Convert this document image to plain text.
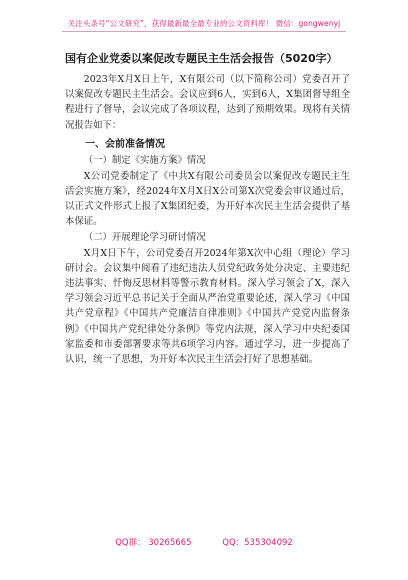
关注头条号“公文研究”，获得最新最全最专业的公文资料库！ 微信：gongwenyj
国有企业党委以案促改专题民主生活会报告（5020字）

2023年X月X日上午，X有限公司（以下简称公司）党委召开了以案促改专题民主生活会。会议应到6人，实到6人，X集团督导组全程进行了督导，会议完成了各项议程，达到了预期效果。现将有关情况报告如下：

一、会前准备情况
（一）制定《实施方案》情况

X公司党委制定了《中共X有限公司委员会以案促改专题民主生活会实施方案》，经2024年X月X日X公司第X次党委会审议通过后，以正式文件形式上报了X集团纪委，为开好本次民主生活会提供了基本保证。

（二）开展理论学习研讨情况

X月X日下午，公司党委召开2024年第X次中心组（理论）学习研讨会。会议集中阅看了违纪违法人员党纪政务处分决定、主要违纪违法事实、忏悔反思材料等警示教育材料。深入学习领会了X，深入学习领会习近平总书记关于全面从严治党重要论述，深入学习《中国共产党章程》《中国共产党廉洁自律准则》《中国共产党党内监督条例》《中国共产党纪律处分条例》等党内法规，深入学习中央纪委国家监委和市委部署要求等共6项学习内容。通过学习，进一步提高了认识，统一了思想，为开好本次民主生活会打好了思想基础。

QQ群： 30265665	QQ：535304092
